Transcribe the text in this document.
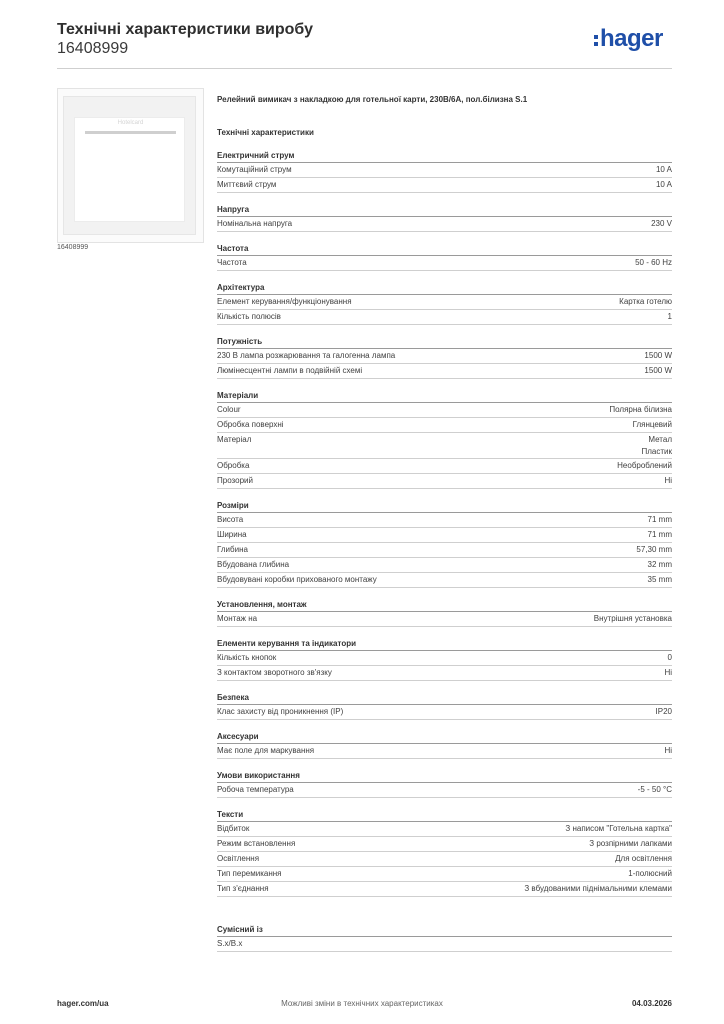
Технічні характеристики виробу
16408999	hager
Hotelcard
16408999
Релейний вимикач з накладкою для готельної карти, 230В/6А, пол.білизна S.1
Технічні характеристики
Електричний струм
Комутаційний струм	10 A
Миттєвий струм	10 A
Напруга
Номінальна напруга	230 V
Частота
Частота	50 - 60 Hz
Архітектура
Елемент керування/функціонування	Картка готелю
Кількість полюсів	1
Потужність
230 В лампа розжарювання та галогенна лампа	1500 W
Люмінесцентні лампи в подвійній схемі	1500 W
Матеріали
Colour	Полярна білизна
Обробка поверхні	Глянцевий
Матеріал	Метал
Пластик
Обробка	Необроблений
Прозорий	Ні
Розміри
Висота	71 mm
Ширина	71 mm
Глибина	57,30 mm
Вбудована глибина	32 mm
Вбудовувані коробки прихованого монтажу	35 mm
Установлення, монтаж
Монтаж на	Внутрішня установка
Елементи керування та індикатори
Кількість кнопок	0
З контактом зворотного зв'язку	Ні
Безпека
Клас захисту від проникнення (IP)	IP20
Аксесуари
Має поле для маркування	Ні
Умови використання
Робоча температура	-5 - 50 °C
Тексти
Відбиток	З написом "Готельна картка"
Режим встановлення	З розпірними лапками
Освітлення	Для освітлення
Тип перемикання	1-полюсний
Тип з'єднання	З вбудованими піднімальними клемами
Сумісний із
S.x/B.x
Можливі зміни в технічних характеристиках
hager.com/ua	04.03.2026
